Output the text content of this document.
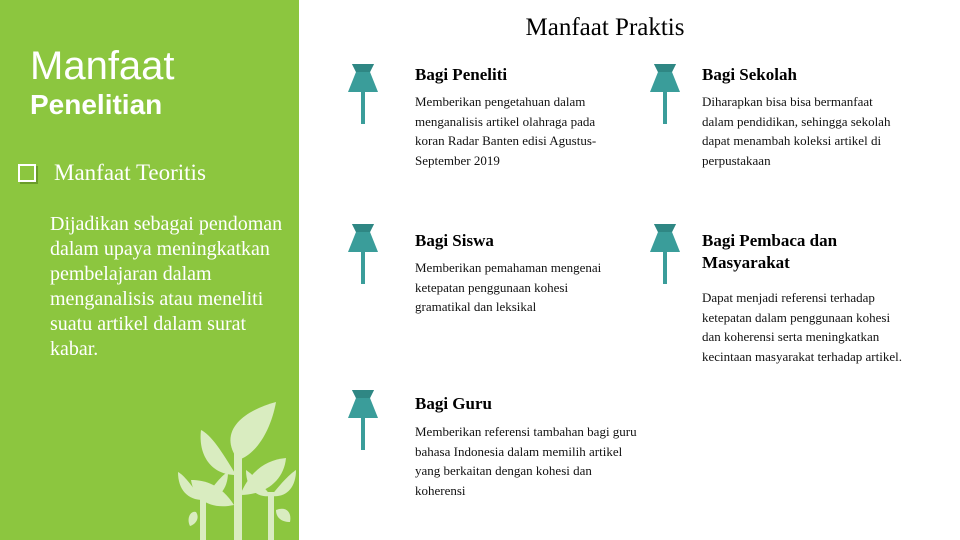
Manfaat
Penelitian
Manfaat Teoritis

Dijadikan sebagai pendoman dalam upaya meningkatkan pembelajaran dalam menganalisis atau meneliti suatu artikel dalam surat kabar.

Manfaat Praktis
Bagi Peneliti

Memberikan pengetahuan dalam menganalisis artikel olahraga pada koran Radar Banten edisi Agustus-September 2019

Bagi Sekolah

Diharapkan bisa bisa bermanfaat dalam pendidikan, sehingga sekolah dapat menambah koleksi artikel di perpustakaan

Bagi Siswa

Memberikan pemahaman mengenai ketepatan penggunaan kohesi gramatikal dan leksikal

Bagi Pembaca dan Masyarakat

Dapat menjadi referensi terhadap ketepatan dalam penggunaan kohesi dan koherensi serta meningkatkan kecintaan masyarakat terhadap artikel.

Bagi Guru

Memberikan referensi tambahan bagi guru bahasa Indonesia dalam memilih artikel yang berkaitan dengan kohesi dan koherensi
